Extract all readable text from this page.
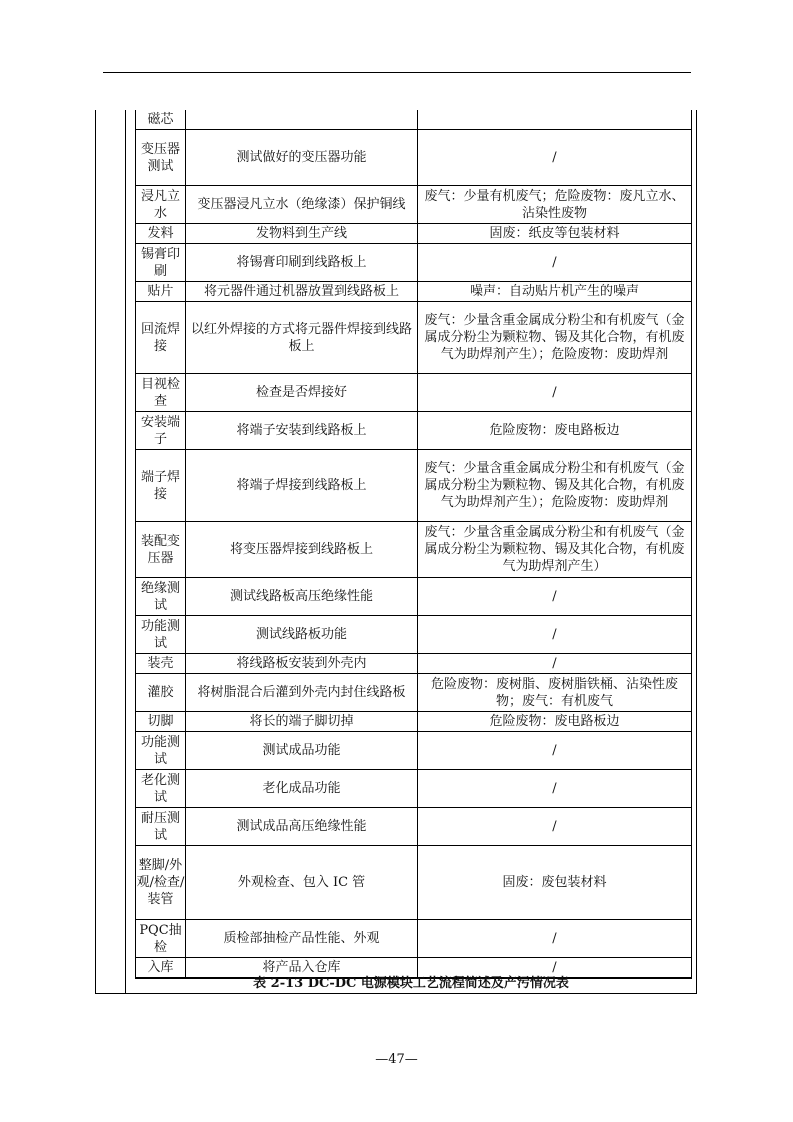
磁芯		
变压器测试	测试做好的变压器功能	/
浸凡立水	变压器浸凡立水（绝缘漆）保护铜线	废气：少量有机废气；危险废物：废凡立水、沾染性废物
发料	发物料到生产线	固废：纸皮等包装材料
锡膏印刷	将锡膏印刷到线路板上	/
贴片	将元器件通过机器放置到线路板上	噪声：自动贴片机产生的噪声
回流焊接	以红外焊接的方式将元器件焊接到线路板上	废气：少量含重金属成分粉尘和有机废气（金属成分粉尘为颗粒物、锡及其化合物，有机废气为助焊剂产生）；危险废物：废助焊剂
目视检查	检查是否焊接好	/
安装端子	将端子安装到线路板上	危险废物：废电路板边
端子焊接	将端子焊接到线路板上	废气：少量含重金属成分粉尘和有机废气（金属成分粉尘为颗粒物、锡及其化合物，有机废气为助焊剂产生）；危险废物：废助焊剂
装配变压器	将变压器焊接到线路板上	废气：少量含重金属成分粉尘和有机废气（金属成分粉尘为颗粒物、锡及其化合物，有机废气为助焊剂产生）
绝缘测试	测试线路板高压绝缘性能	/
功能测试	测试线路板功能	/
装壳	将线路板安装到外壳内	/
灌胶	将树脂混合后灌到外壳内封住线路板	危险废物：废树脂、废树脂铁桶、沾染性废物；废气：有机废气
切脚	将长的端子脚切掉	危险废物：废电路板边
功能测试	测试成品功能	/
老化测试	老化成品功能	/
耐压测试	测试成品高压绝缘性能	/
整脚/外观/检查/装管	外观检查、包入 IC 管	固废：废包装材料
PQC抽检	质检部抽检产品性能、外观	/
入库	将产品入仓库	/
表 2-13 DC-DC 电源模块工艺流程简述及产污情况表
—47—
